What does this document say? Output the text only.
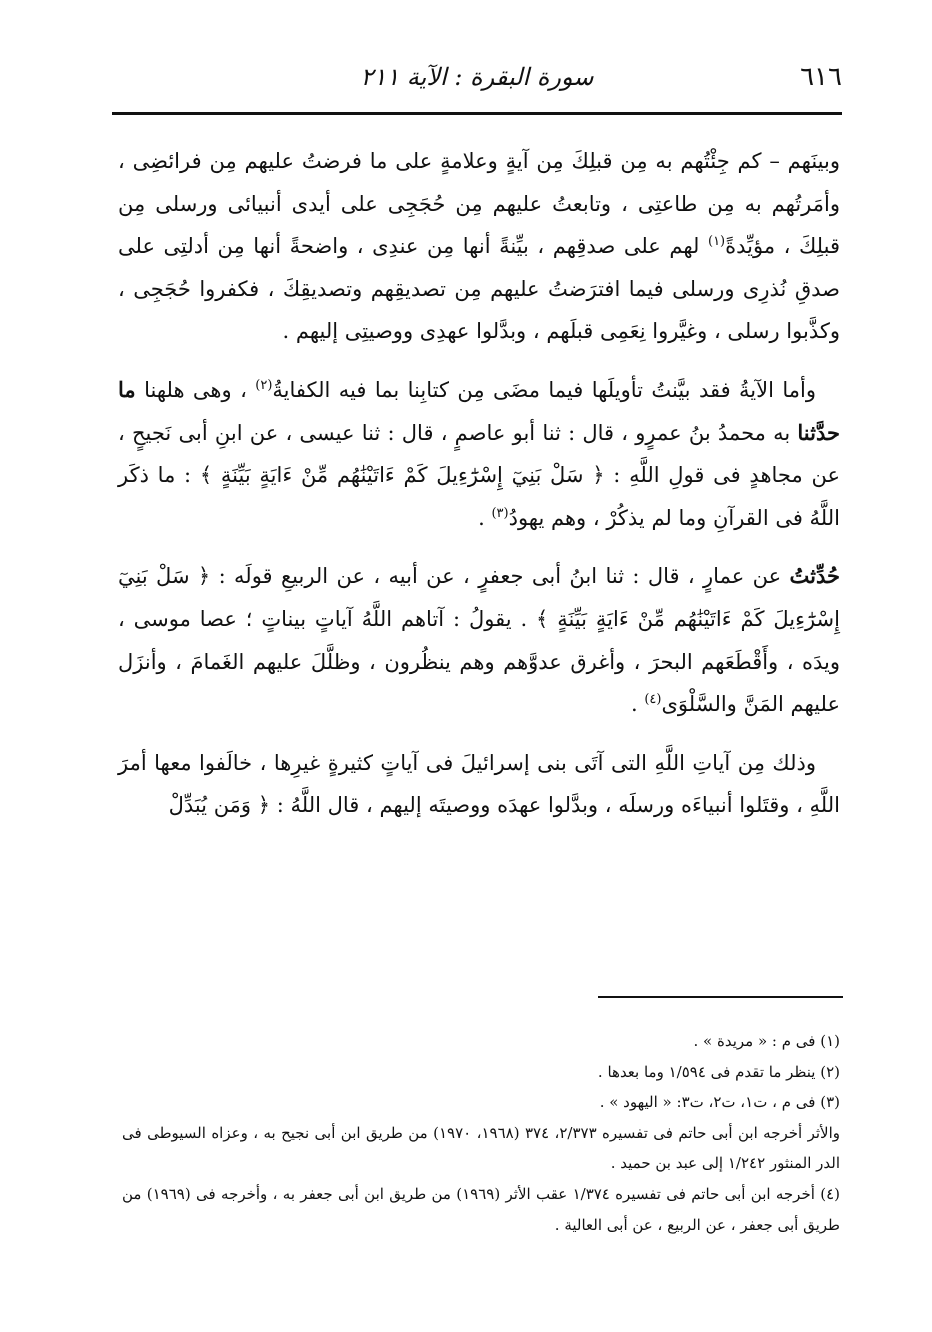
٦١٦
سورة البقرة : الآية ٢١١

وبينَهم – كم جِئْتُهم به مِن قبلِكَ مِن آيةٍ وعلامةٍ على ما فرضتُ عليهم مِن فرائضِى ، وأمَرتُهم به مِن طاعتِى ، وتابعتُ عليهم مِن حُجَجِى على أيدى أنبيائى ورسلى مِن قبلِكَ ، مؤيِّدةً$^{(١)}$ لهم على صدقِهم ، بيِّنةً أنها مِن عندِى ، واضحةً أنها مِن أدلتِى على صدقِ نُذرِى ورسلى فيما افترَضتُ عليهم مِن تصديقِهم وتصديقِكَ ، فكفروا حُجَجِى ، وكذَّبوا رسلى ، وغيَّروا نِعَمِى قبلَهم ، وبدَّلوا عهدِى ووصيتِى إليهم .

وأما الآيةُ فقد بيَّنتُ تأويلَها فيما مضَى مِن كتابِنا بما فيه الكفايةُ$^{(٢)}$ ، وهى هلهنا ما حدَّثنا به محمدُ بنُ عمرٍو ، قال : ثنا أبو عاصمٍ ، قال : ثنا عيسى ، عن ابنِ أبى نَجيحٍ ، عن مجاهدٍ فى قولِ اللَّهِ : ﴿ سَلْ بَنِيٓ إِسْرَٰٓءِيلَ كَمْ ءَاتَيْنَٰهُم مِّنْ ءَايَةٍ بَيِّنَةٍ ﴾ : ما ذكَر اللَّهُ فى القرآنِ وما لم يذكُرْ ، وهم يهودُ$^{(٣)}$ .

حُدِّثتُ عن عمارٍ ، قال : ثنا ابنُ أبى جعفرٍ ، عن أبيه ، عن الربيعِ قولَه : ﴿ سَلْ بَنِيٓ إِسْرَٰٓءِيلَ كَمْ ءَاتَيْنَٰهُم مِّنْ ءَايَةٍ بَيِّنَةٍ ﴾ . يقولُ : آتاهم اللَّهُ آياتٍ بيناتٍ ؛ عصا موسى ، ويدَه ، وأَقْطَعَهم البحرَ ، وأغرق عدوَّهم وهم ينظُرون ، وظلَّلَ عليهم الغَمامَ ، وأنزَل عليهم المَنَّ والسَّلْوَى$^{(٤)}$ .

وذلك مِن آياتِ اللَّهِ التى آتَى بنى إسرائيلَ فى آياتٍ كثيرةٍ غيرِها ، خالَفوا معها أمرَ اللَّهِ ، وقتَلوا أنبياءَه ورسلَه ، وبدَّلوا عهدَه ووصيتَه إليهم ، قال اللَّهُ : ﴿ وَمَن يُبَدِّلْ

(١) فى م : « مريدة » .

(٢) ينظر ما تقدم فى ١/٥٩٤ وما بعدها .

(٣) فى م ، ت١، ت٢، ت٣: « اليهود » .

والأثر أخرجه ابن أبى حاتم فى تفسيره ٢/٣٧٣، ٣٧٤ (١٩٦٨، ١٩٧٠) من طريق ابن أبى نجيح به ، وعزاه السيوطى فى الدر المنثور ١/٢٤٢ إلى عبد بن حميد .

(٤) أخرجه ابن أبى حاتم فى تفسيره ١/٣٧٤ عقب الأثر (١٩٦٩) من طريق ابن أبى جعفر به ، وأخرجه فى (١٩٦٩) من طريق أبى جعفر ، عن الربيع ، عن أبى العالية .
